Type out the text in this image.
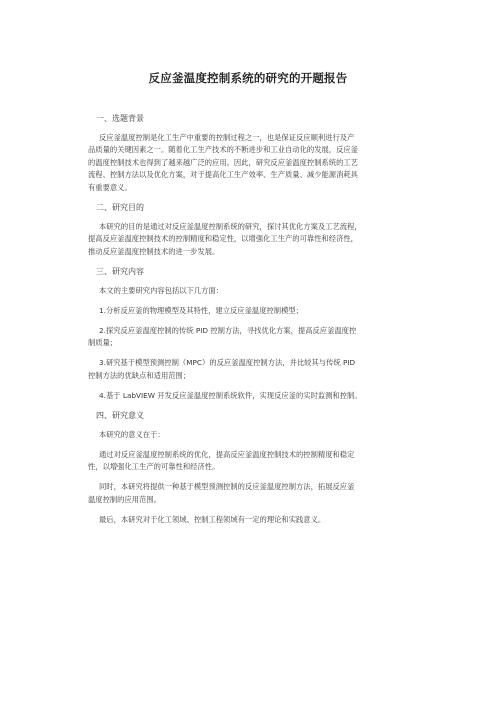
反应釜温度控制系统的研究的开题报告
一、选题背景
反应釜温度控制是化工生产中重要的控制过程之一，也是保证反应顺利进行及产
品质量的关键因素之一。随着化工生产技术的不断进步和工业自动化的发展，反应釜
的温度控制技术也得到了越来越广泛的应用。因此，研究反应釜温度控制系统的工艺
流程、控制方法以及优化方案，对于提高化工生产效率、生产质量、减少能源消耗具
有重要意义。
二、研究目的
本研究的目的是通过对反应釜温度控制系统的研究，探讨其优化方案及工艺流程，
提高反应釜温度控制技术的控制精度和稳定性，以增强化工生产的可靠性和经济性，
推动反应釜温度控制技术的进一步发展。
三、研究内容
本文的主要研究内容包括以下几方面：
1.分析反应釜的物理模型及其特性，建立反应釜温度控制模型；
2.探究反应釜温度控制的传统 PID 控制方法，寻找优化方案，提高反应釜温度控
制质量；
3.研究基于模型预测控制（MPC）的反应釜温度控制方法，并比较其与传统 PID
控制方法的优缺点和适用范围；
4.基于 LabVIEW 开发反应釜温度控制系统软件，实现反应釜的实时监测和控制。
四、研究意义
本研究的意义在于：
通过对反应釜温度控制系统的优化，提高反应釜温度控制技术的控制精度和稳定
性，以增强化工生产的可靠性和经济性。
同时，本研究将提供一种基于模型预测控制的反应釜温度控制方法，拓展反应釜
温度控制的应用范围。
最后，本研究对于化工领域、控制工程领域有一定的理论和实践意义。
